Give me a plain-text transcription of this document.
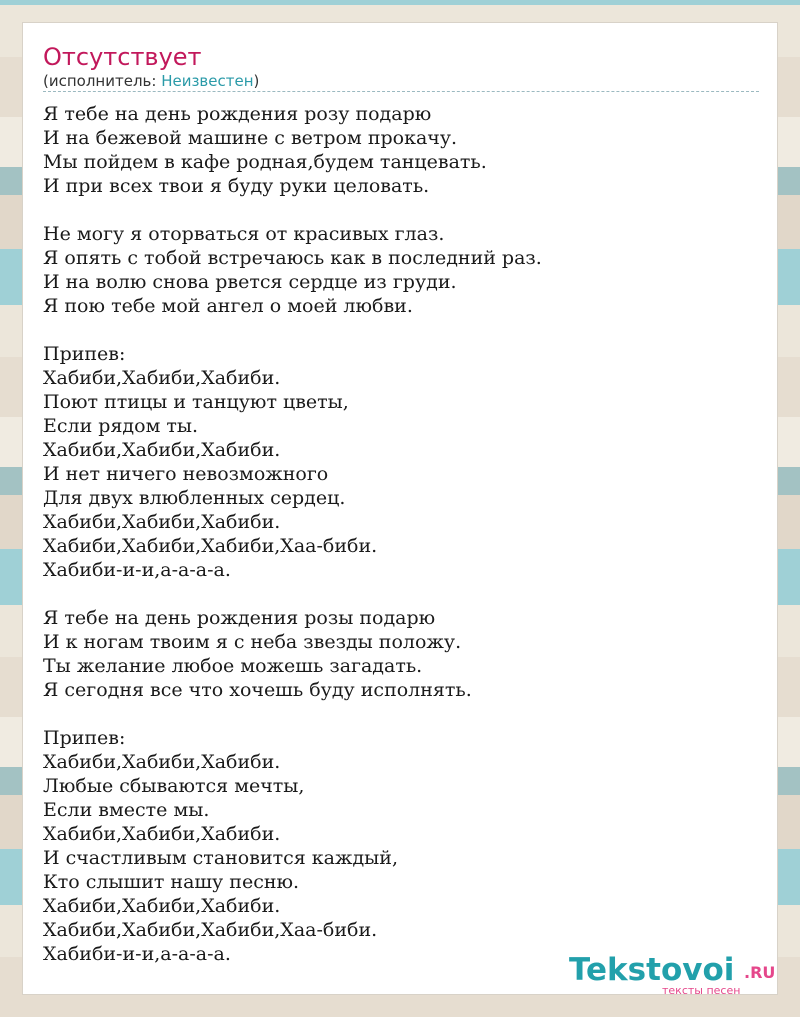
Отсутствует
(исполнитель: Неизвестен)
Я тебе на день рождения розу подарю
И на бежевой машине с ветром прокачу.
Мы пойдем в кафе родная,будем танцевать.
И при всех твои я буду руки целовать.
Не могу я оторваться от красивых глаз.
Я опять с тобой встречаюсь как в последний раз.
И на волю снова рвется сердце из груди.
Я пою тебе мой ангел о моей любви.
Припев:
Хабиби,Хабиби,Хабиби.
Поют птицы и танцуют цветы,
Если рядом ты.
Хабиби,Хабиби,Хабиби.
И нет ничего невозможного
Для двух влюбленных сердец.
Хабиби,Хабиби,Хабиби.
Хабиби,Хабиби,Хабиби,Хаа-биби.
Хабиби-и-и,а-а-а-а.
Я тебе на день рождения розы подарю
И к ногам твоим я с неба звезды положу.
Ты желание любое можешь загадать.
Я сегодня все что хочешь буду исполнять.
Припев:
Хабиби,Хабиби,Хабиби.
Любые сбываются мечты,
Если вместе мы.
Хабиби,Хабиби,Хабиби.
И счастливым становится каждый,
Кто слышит нашу песню.
Хабиби,Хабиби,Хабиби.
Хабиби,Хабиби,Хабиби,Хаа-биби.
Хабиби-и-и,а-а-а-а.	Tekstovoi .RU
тексты песен
